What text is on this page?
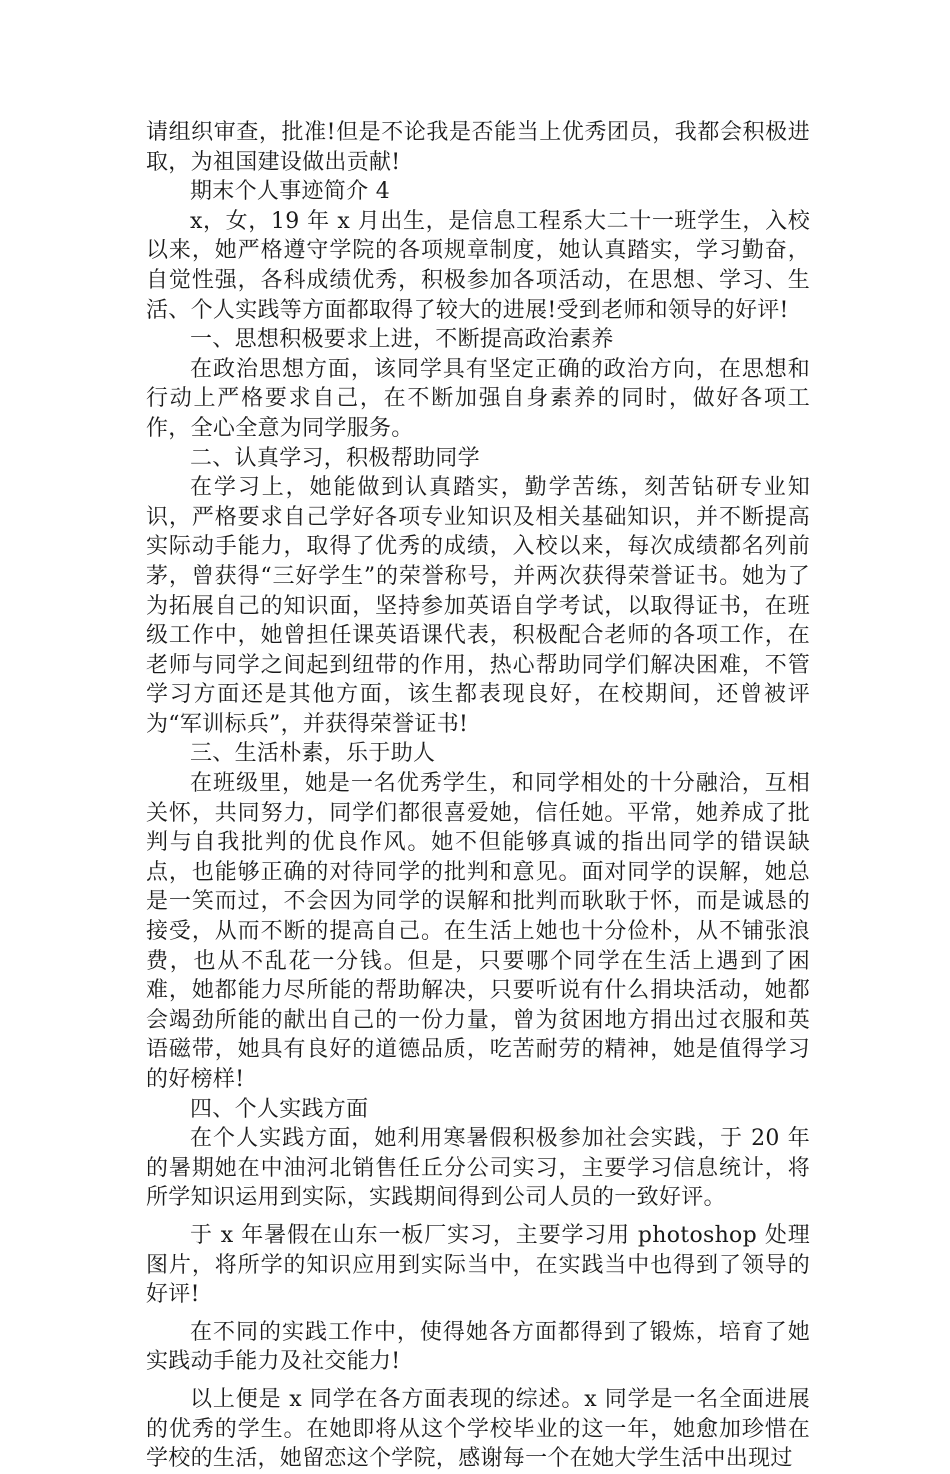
请组织审查，批准!但是不论我是否能当上优秀团员，我都会积极进取，为祖国建设做出贡献!

期末个人事迹简介 4

x，女，19 年 x 月出生，是信息工程系大二十一班学生，入校以来，她严格遵守学院的各项规章制度，她认真踏实，学习勤奋，自觉性强，各科成绩优秀，积极参加各项活动，在思想、学习、生活、个人实践等方面都取得了较大的进展!受到老师和领导的好评!

一、思想积极要求上进，不断提高政治素养

在政治思想方面，该同学具有坚定正确的政治方向，在思想和行动上严格要求自己，在不断加强自身素养的同时，做好各项工作，全心全意为同学服务。

二、认真学习，积极帮助同学

在学习上，她能做到认真踏实，勤学苦练，刻苦钻研专业知识，严格要求自己学好各项专业知识及相关基础知识，并不断提高实际动手能力，取得了优秀的成绩，入校以来，每次成绩都名列前茅，曾获得“三好学生”的荣誉称号，并两次获得荣誉证书。她为了为拓展自己的知识面，坚持参加英语自学考试，以取得证书，在班级工作中，她曾担任课英语课代表，积极配合老师的各项工作，在老师与同学之间起到纽带的作用，热心帮助同学们解决困难，不管学习方面还是其他方面，该生都表现良好，在校期间，还曾被评为“军训标兵”，并获得荣誉证书!

三、生活朴素，乐于助人

在班级里，她是一名优秀学生，和同学相处的十分融洽，互相关怀，共同努力，同学们都很喜爱她，信任她。平常，她养成了批判与自我批判的优良作风。她不但能够真诚的指出同学的错误缺点，也能够正确的对待同学的批判和意见。面对同学的误解，她总是一笑而过，不会因为同学的误解和批判而耿耿于怀，而是诚恳的接受，从而不断的提高自己。在生活上她也十分俭朴，从不铺张浪费，也从不乱花一分钱。但是，只要哪个同学在生活上遇到了困难，她都能力尽所能的帮助解决，只要听说有什么捐块活动，她都会竭劲所能的献出自己的一份力量，曾为贫困地方捐出过衣服和英语磁带，她具有良好的道德品质，吃苦耐劳的精神，她是值得学习的好榜样!

四、个人实践方面

在个人实践方面，她利用寒暑假积极参加社会实践，于 20 年的暑期她在中油河北销售任丘分公司实习，主要学习信息统计，将所学知识运用到实际，实践期间得到公司人员的一致好评。

于 x 年暑假在山东一板厂实习，主要学习用 photoshop 处理图片，将所学的知识应用到实际当中，在实践当中也得到了领导的好评!

在不同的实践工作中，使得她各方面都得到了锻炼，培育了她实践动手能力及社交能力!

以上便是 x 同学在各方面表现的综述。x 同学是一名全面进展的优秀的学生。在她即将从这个学校毕业的这一年，她愈加珍惜在学校的生活，她留恋这个学院，感谢每一个在她大学生活中出现过
